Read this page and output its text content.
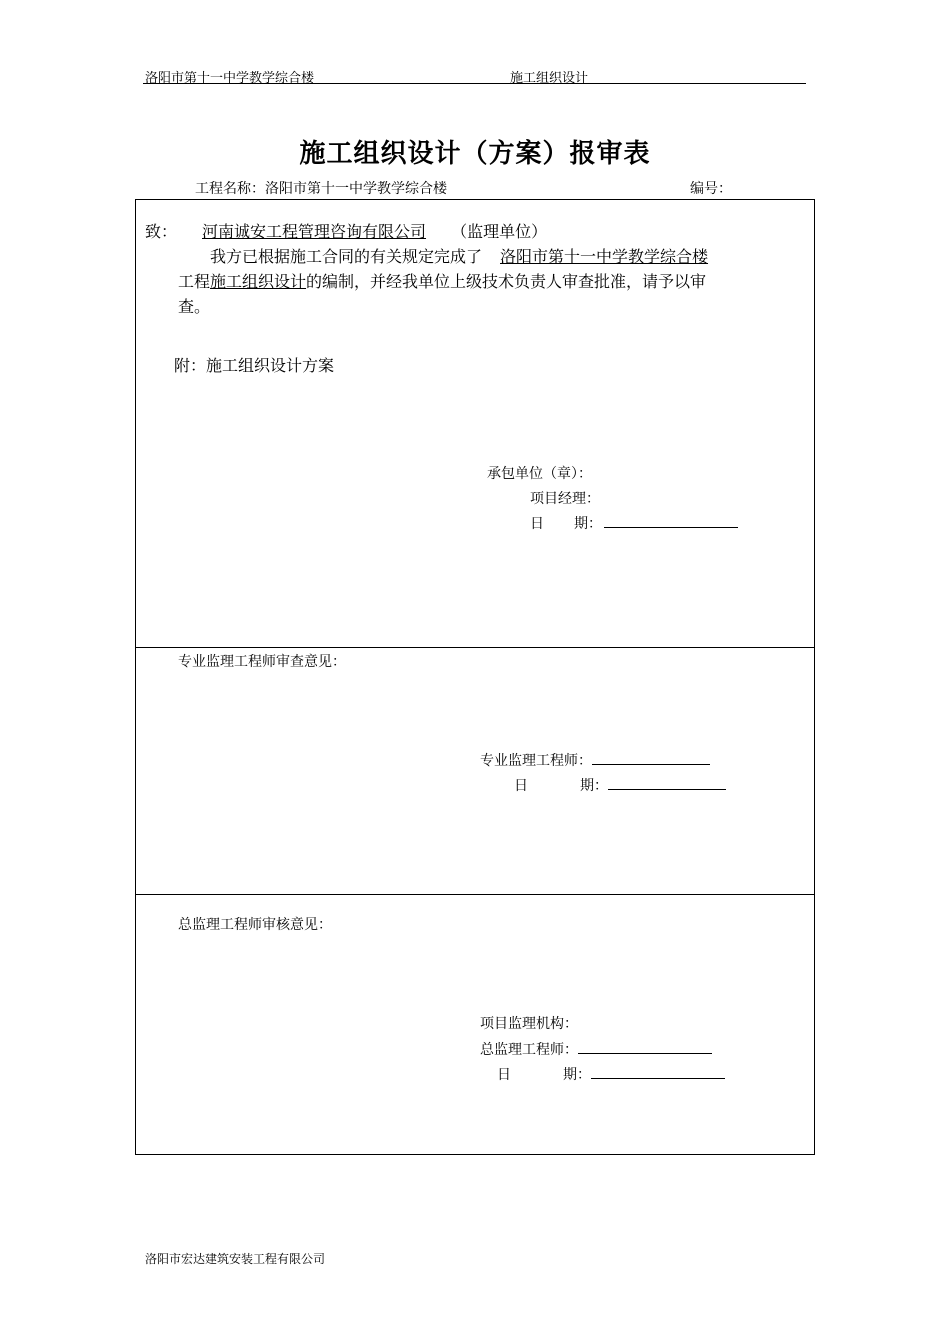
洛阳市第十一中学教学综合楼	施工组织设计
施工组织设计（方案）报审表
工程名称：洛阳市第十一中学教学综合楼	编号：
致：	河南诚安工程管理咨询有限公司 （监理单位）
我方已根据施工合同的有关规定完成了 洛阳市第十一中学教学综合楼
工程施工组织设计的编制，并经我单位上级技术负责人审查批准，请予以审
查。
附：施工组织设计方案
承包单位（章）：
项目经理：
日 期：
专业监理工程师审查意见：
专业监理工程师：
日	期：
总监理工程师审核意见：
项目监理机构：
总监理工程师：
日	期：
洛阳市宏达建筑安装工程有限公司
